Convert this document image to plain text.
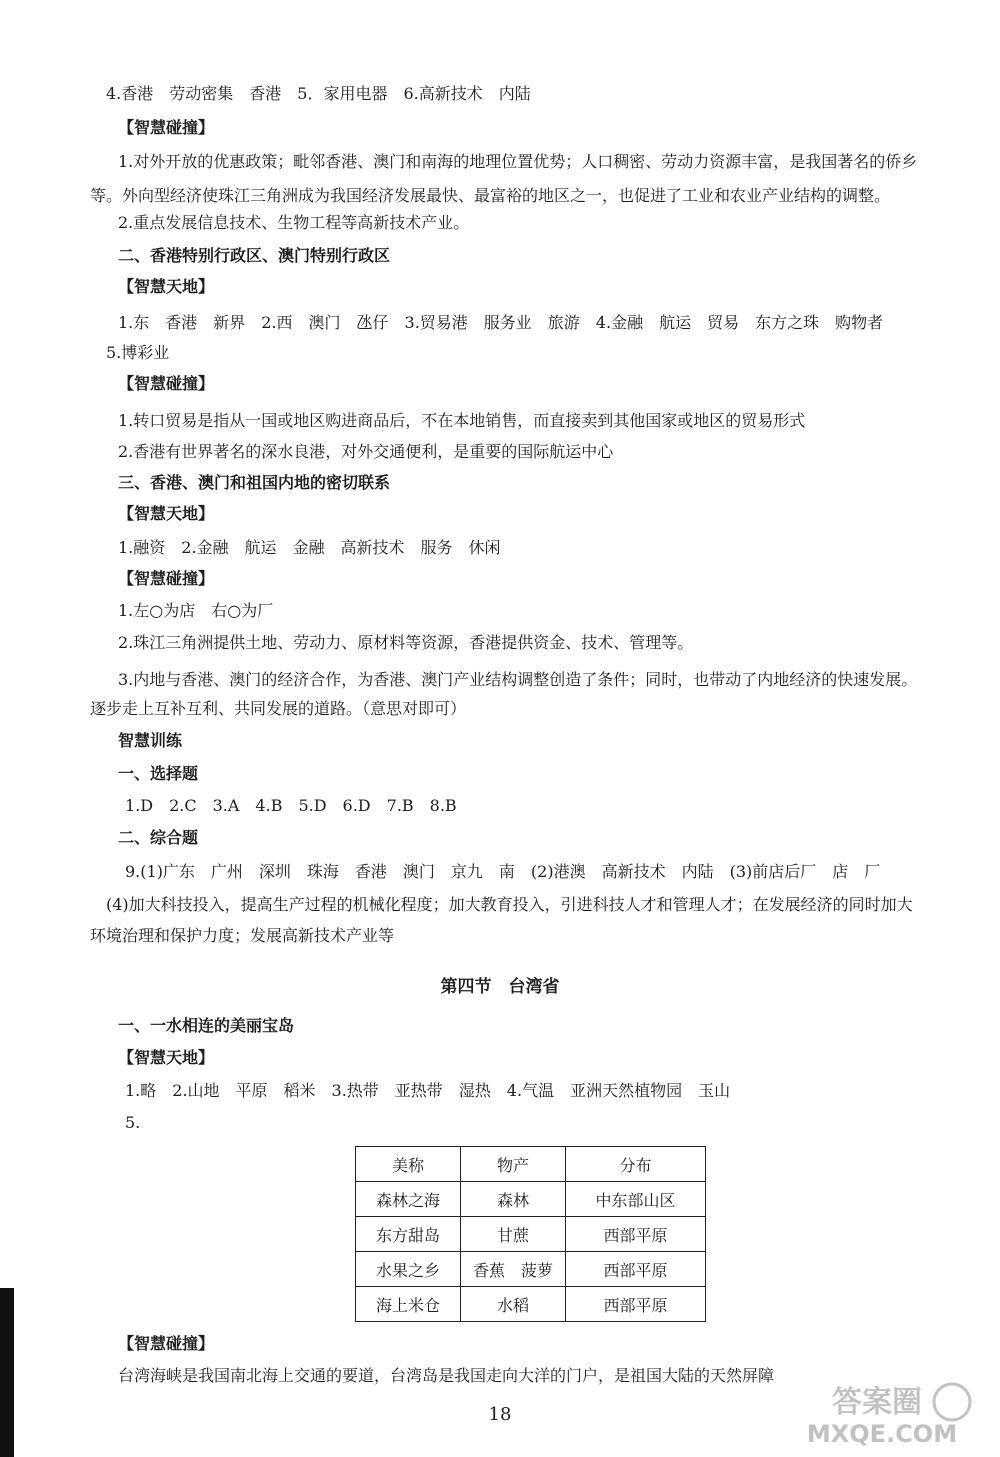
4.香港　劳动密集　香港　5．家用电器　6.高新技术　内陆
【智慧碰撞】
1.对外开放的优惠政策；毗邻香港、澳门和南海的地理位置优势；人口稠密、劳动力资源丰富，是我国著名的侨乡
等。外向型经济使珠江三角洲成为我国经济发展最快、最富裕的地区之一，也促进了工业和农业产业结构的调整。
2.重点发展信息技术、生物工程等高新技术产业。
二、香港特别行政区、澳门特别行政区
【智慧天地】
1.东　香港　新界　2.西　澳门　氹仔　3.贸易港　服务业　旅游　4.金融　航运　贸易　东方之珠　购物者
5.博彩业
【智慧碰撞】
1.转口贸易是指从一国或地区购进商品后，不在本地销售，而直接卖到其他国家或地区的贸易形式
2.香港有世界著名的深水良港，对外交通便利，是重要的国际航运中心
三、香港、澳门和祖国内地的密切联系
【智慧天地】
1.融资　2.金融　航运　金融　高新技术　服务　休闲
【智慧碰撞】
1.左○为店　右○为厂
2.珠江三角洲提供土地、劳动力、原材料等资源，香港提供资金、技术、管理等。
3.内地与香港、澳门的经济合作，为香港、澳门产业结构调整创造了条件；同时，也带动了内地经济的快速发展。
逐步走上互补互利、共同发展的道路。（意思对即可）
智慧训练
一、选择题
1.D　2.C　3.A　4.B　5.D　6.D　7.B　8.B
二、综合题
9.(1)广东　广州　深圳　珠海　香港　澳门　京九　南　(2)港澳　高新技术　内陆　(3)前店后厂　店　厂
(4)加大科技投入，提高生产过程的机械化程度；加大教育投入，引进科技人才和管理人才；在发展经济的同时加大
环境治理和保护力度；发展高新技术产业等
第四节　台湾省
一、一水相连的美丽宝岛
【智慧天地】
1.略　2.山地　平原　稻米　3.热带　亚热带　湿热　4.气温　亚洲天然植物园　玉山
5.
美称	物产	分布
森林之海	森林	中东部山区
东方甜岛	甘蔗	西部平原
水果之乡	香蕉　菠萝	西部平原
海上米仓	水稻	西部平原
【智慧碰撞】
台湾海峡是我国南北海上交通的要道，台湾岛是我国走向大洋的门户，是祖国大陆的天然屏障
18	答案圈
MXQE.COM
